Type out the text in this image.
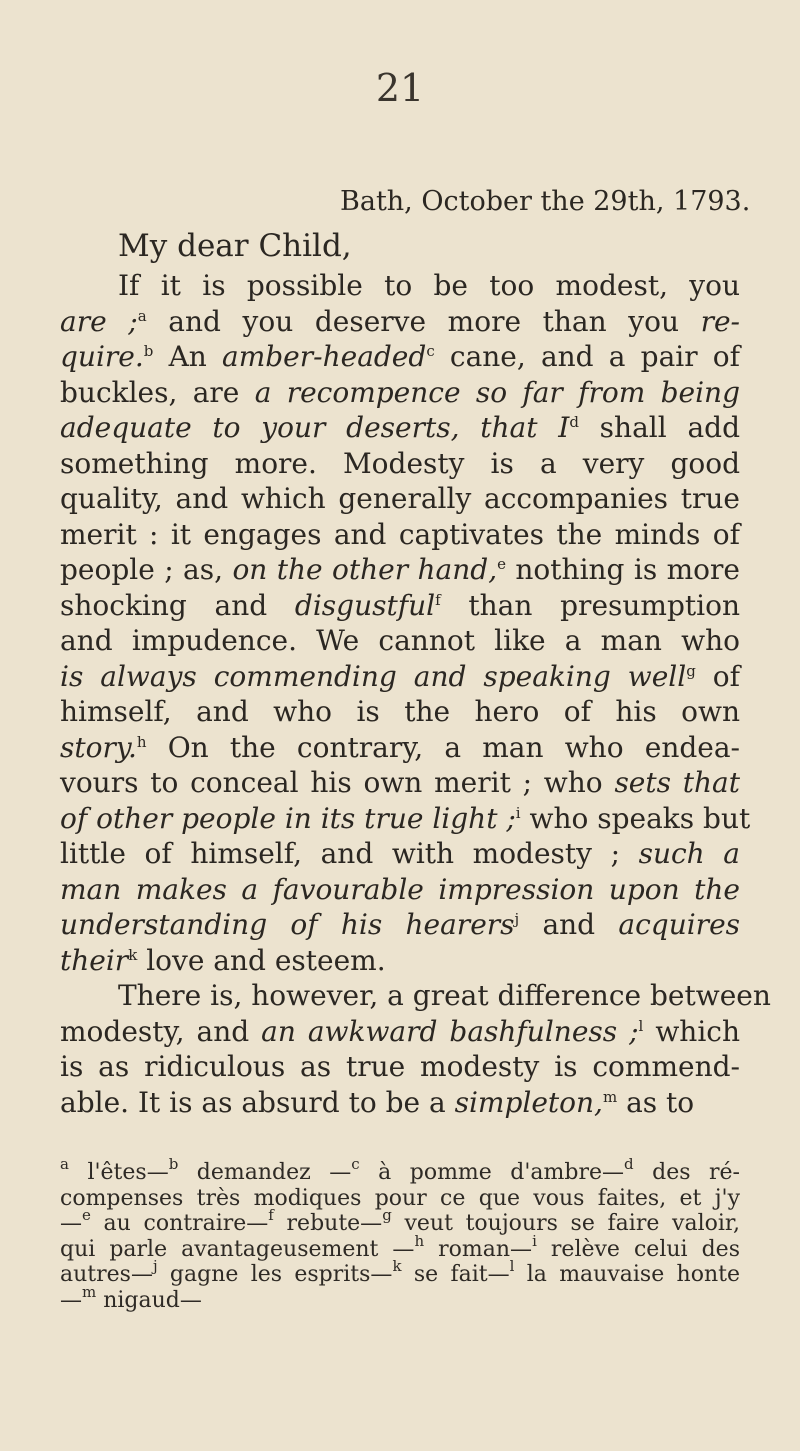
21
Bath, October the 29th, 1793.
My dear Child,
If it is possible to be too modest, you
are ;$^a$ and you deserve more than you re-
quire.$^b$ An amber-headed$^c$ cane, and a pair of
buckles, are a recompence so far from being
adequate to your deserts, that $I^d$ shall add
something more. Modesty is a very good
quality, and which generally accompanies true
merit : it engages and captivates the minds of
people ; as, on the other hand,$^e$ nothing is more
shocking and disgustful$^f$ than presumption
and impudence. We cannot like a man who
is always commending and speaking well$^g$ of
himself, and who is the hero of his own
story.$^h$ On the contrary, a man who endea-
vours to conceal his own merit ; who sets that
of other people in its true light ;$^i$ who speaks but
little of himself, and with modesty ; such a
man makes a favourable impression upon the
understanding of his hearers$^j$ and acquires
their$^k$ love and esteem.
There is, however, a great difference between
modesty, and an awkward bashfulness ;$^l$ which
is as ridiculous as true modesty is commend-
able. It is as absurd to be a simpleton,$^m$ as to
$^a$ l'êtes—$^b$ demandez —$^c$ à pomme d'ambre—$^d$ des ré-
compenses très modiques pour ce que vous faites, et j'y
—$^e$ au contraire—$^f$ rebute—$^g$ veut toujours se faire valoir,
qui parle avantageusement —$^h$ roman—$^i$ relève celui des
autres—$^j$ gagne les esprits—$^k$ se fait—$^l$ la mauvaise honte
—$^m$ nigaud—
